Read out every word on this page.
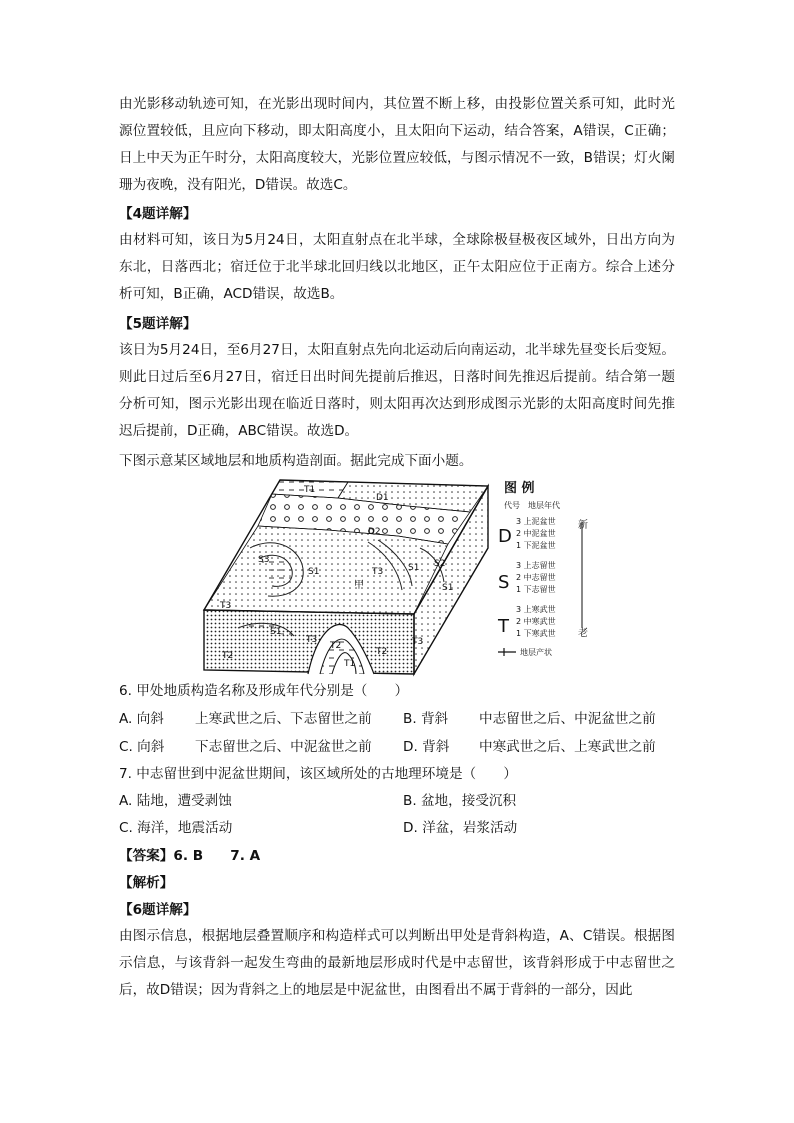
由光影移动轨迹可知，在光影出现时间内，其位置不断上移，由投影位置关系可知，此时光源位置较低，且应向下移动，即太阳高度小，且太阳向下运动，结合答案，A错误，C正确；日上中天为正午时分，太阳高度较大，光影位置应较低，与图示情况不一致，B错误；灯火阑珊为夜晚，没有阳光，D错误。故选C。

【4题详解】

由材料可知，该日为5月24日，太阳直射点在北半球，全球除极昼极夜区域外，日出方向为东北，日落西北；宿迁位于北半球北回归线以北地区，正午太阳应位于正南方。综合上述分析可知，B正确，ACD错误，故选B。

【5题详解】

该日为5月24日，至6月27日，太阳直射点先向北运动后向南运动，北半球先昼变长后变短。则此日过后至6月27日，宿迁日出时间先提前后推迟，日落时间先推迟后提前。结合第一题分析可知，图示光影出现在临近日落时，则太阳再次达到形成图示光影的太阳高度时间先推迟后提前，D正确，ABC错误。故选D。

下图示意某区域地层和地质构造剖面。据此完成下面小题。
T1
D1
D2
S3
S1	T3	S1 S2
S1
甲
T3
S1
T3
T2
T2
T1
T2
T3
图 例
代号 地层年代
D
3 上泥盆世
2 中泥盆世
1 下泥盆世
S
3 上志留世
2 中志留世
1 下志留世
T
3 上寒武世
2 中寒武世
1 下寒武世
新
老
地层产状
6. 甲处地质构造名称及形成年代分别是（　　）
A. 向斜 上寒武世之后、下志留世之前 B. 背斜 中志留世之后、中泥盆世之前
C. 向斜 下志留世之后、中泥盆世之前 D. 背斜 中寒武世之后、上寒武世之前
7. 中志留世到中泥盆世期间，该区域所处的古地理环境是（　　）
A. 陆地，遭受剥蚀	B. 盆地，接受沉积
C. 海洋，地震活动	D. 洋盆，岩浆活动
【答案】6. B　　7. A
【解析】
【6题详解】

由图示信息，根据地层叠置顺序和构造样式可以判断出甲处是背斜构造，A、C错误。根据图示信息，与该背斜一起发生弯曲的最新地层形成时代是中志留世，该背斜形成于中志留世之后，故D错误；因为背斜之上的地层是中泥盆世，由图看出不属于背斜的一部分，因此
